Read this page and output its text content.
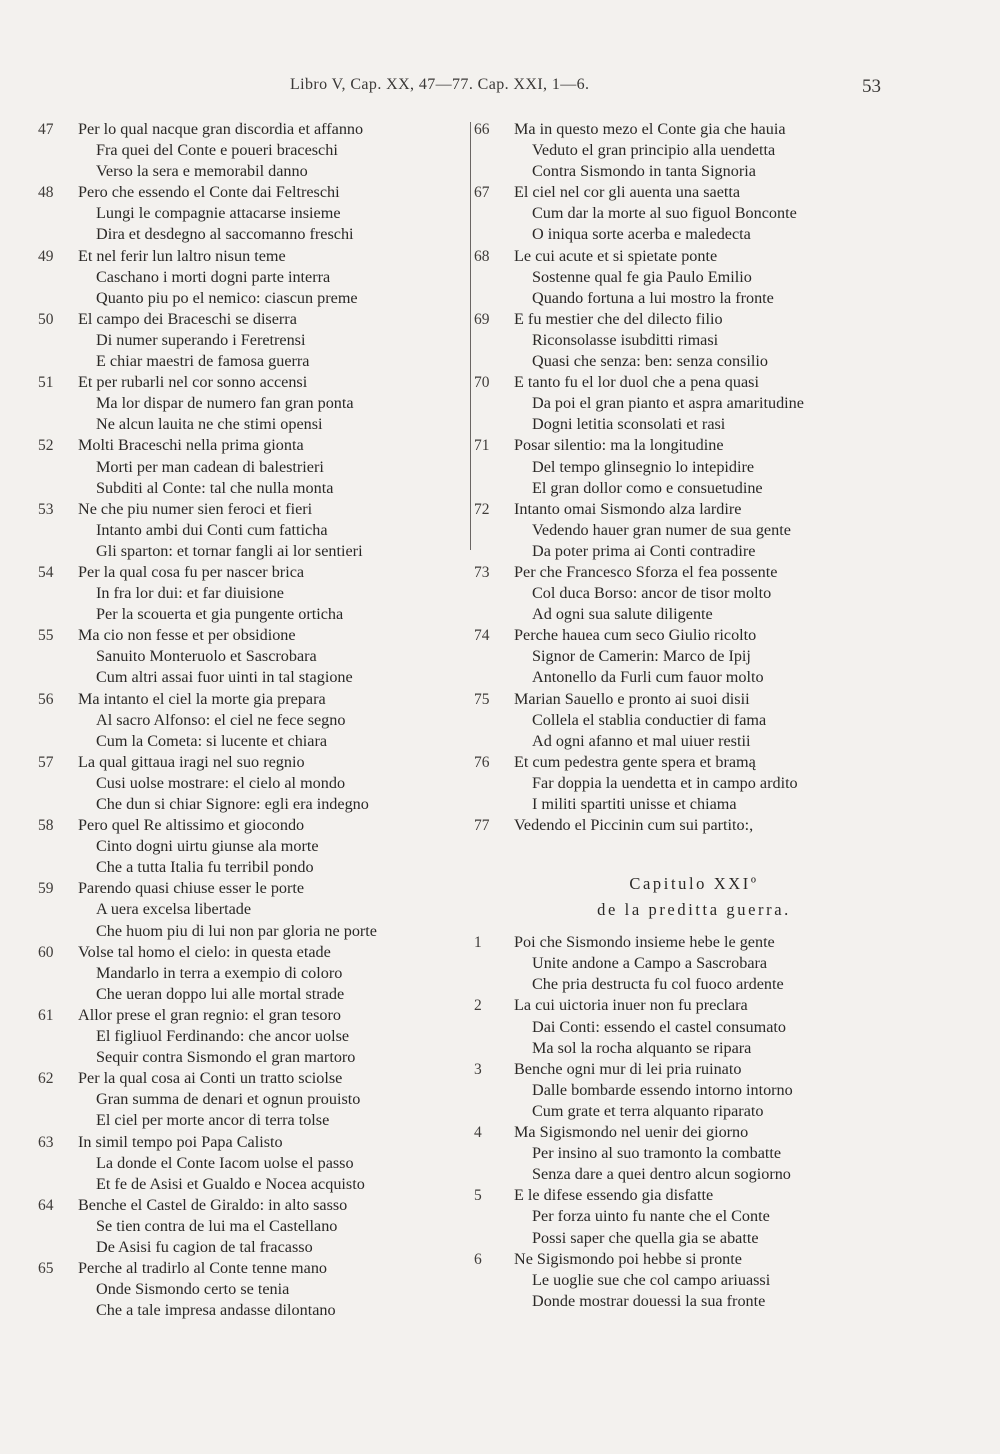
Libro V, Cap. XX, 47—77. Cap. XXI, 1—6.	53
47	Per lo qual nacque gran discordia et affanno
Fra quei del Conte e poueri braceschi
Verso la sera e memorabil danno
48	Pero che essendo el Conte dai Feltreschi
Lungi le compagnie attacarse insieme
Dira et desdegno al saccomanno freschi
49	Et nel ferir lun laltro nisun teme
Caschano i morti dogni parte interra
Quanto piu po el nemico: ciascun preme
50	El campo dei Braceschi se diserra
Di numer superando i Feretrensi
E chiar maestri de famosa guerra
51	Et per rubarli nel cor sonno accensi
Ma lor dispar de numero fan gran ponta
Ne alcun lauita ne che stimi opensi
52	Molti Braceschi nella prima gionta
Morti per man cadean di balestrieri
Subditi al Conte: tal che nulla monta
53	Ne che piu numer sien feroci et fieri
Intanto ambi dui Conti cum fatticha
Gli sparton: et tornar fangli ai lor sentieri
54	Per la qual cosa fu per nascer brica
In fra lor dui: et far diuisione
Per la scouerta et gia pungente orticha
55	Ma cio non fesse et per obsidione
Sanuito Monteruolo et Sascrobara
Cum altri assai fuor uinti in tal stagione
56	Ma intanto el ciel la morte gia prepara
Al sacro Alfonso: el ciel ne fece segno
Cum la Cometa: si lucente et chiara
57	La qual gittaua iragi nel suo regnio
Cusi uolse mostrare: el cielo al mondo
Che dun si chiar Signore: egli era indegno
58	Pero quel Re altissimo et giocondo
Cinto dogni uirtu giunse ala morte
Che a tutta Italia fu terribil pondo
59	Parendo quasi chiuse esser le porte
A uera excelsa libertade
Che huom piu di lui non par gloria ne porte
60	Volse tal homo el cielo: in questa etade
Mandarlo in terra a exempio di coloro
Che ueran doppo lui alle mortal strade
61	Allor prese el gran regnio: el gran tesoro
El figliuol Ferdinando: che ancor uolse
Sequir contra Sismondo el gran martoro
62	Per la qual cosa ai Conti un tratto sciolse
Gran summa de denari et ognun prouisto
El ciel per morte ancor di terra tolse
63	In simil tempo poi Papa Calisto
La donde el Conte Iacom uolse el passo
Et fe de Asisi et Gualdo e Nocea acquisto
64	Benche el Castel de Giraldo: in alto sasso
Se tien contra de lui ma el Castellano
De Asisi fu cagion de tal fracasso
65	Perche al tradirlo al Conte tenne mano
Onde Sismondo certo se tenia
Che a tale impresa andasse dilontano
66	Ma in questo mezo el Conte gia che hauia
Veduto el gran principio alla uendetta
Contra Sismondo in tanta Signoria
67	El ciel nel cor gli auenta una saetta
Cum dar la morte al suo figuol Bonconte
O iniqua sorte acerba e maledecta
68	Le cui acute et si spietate ponte
Sostenne qual fe gia Paulo Emilio
Quando fortuna a lui mostro la fronte
69	E fu mestier che del dilecto filio
Riconsolasse isubditti rimasi
Quasi che senza: ben: senza consilio
70	E tanto fu el lor duol che a pena quasi
Da poi el gran pianto et aspra amaritudine
Dogni letitia sconsolati et rasi
71	Posar silentio: ma la longitudine
Del tempo glinsegnio lo intepidire
El gran dollor como e consuetudine
72	Intanto omai Sismondo alza lardire
Vedendo hauer gran numer de sua gente
Da poter prima ai Conti contradire
73	Per che Francesco Sforza el fea possente
Col duca Borso: ancor de tisor molto
Ad ogni sua salute diligente
74	Perche hauea cum seco Giulio ricolto
Signor de Camerin: Marco de Ipij
Antonello da Furli cum fauor molto
75	Marian Sauello e pronto ai suoi disii
Collela el stablia conductier di fama
Ad ogni afanno et mal uiuer restii
76	Et cum pedestra gente spera et bramą
Far doppia la uendetta et in campo ardito
I militi spartiti unisse et chiama
77	Vedendo el Piccinin cum sui partito:,
Capitulo XXIº
de la preditta guerra.
1	Poi che Sismondo insieme hebe le gente
Unite andone a Campo a Sascrobara
Che pria destructa fu col fuoco ardente
2	La cui uictoria inuer non fu preclara
Dai Conti: essendo el castel consumato
Ma sol la rocha alquanto se ripara
3	Benche ogni mur di lei pria ruinato
Dalle bombarde essendo intorno intorno
Cum grate et terra alquanto riparato
4	Ma Sigismondo nel uenir dei giorno
Per insino al suo tramonto la combatte
Senza dare a quei dentro alcun sogiorno
5	E le difese essendo gia disfatte
Per forza uinto fu nante che el Conte
Possi saper che quella gia se abatte
6	Ne Sigismondo poi hebbe si pronte
Le uoglie sue che col campo ariuassi
Donde mostrar douessi la sua fronte
